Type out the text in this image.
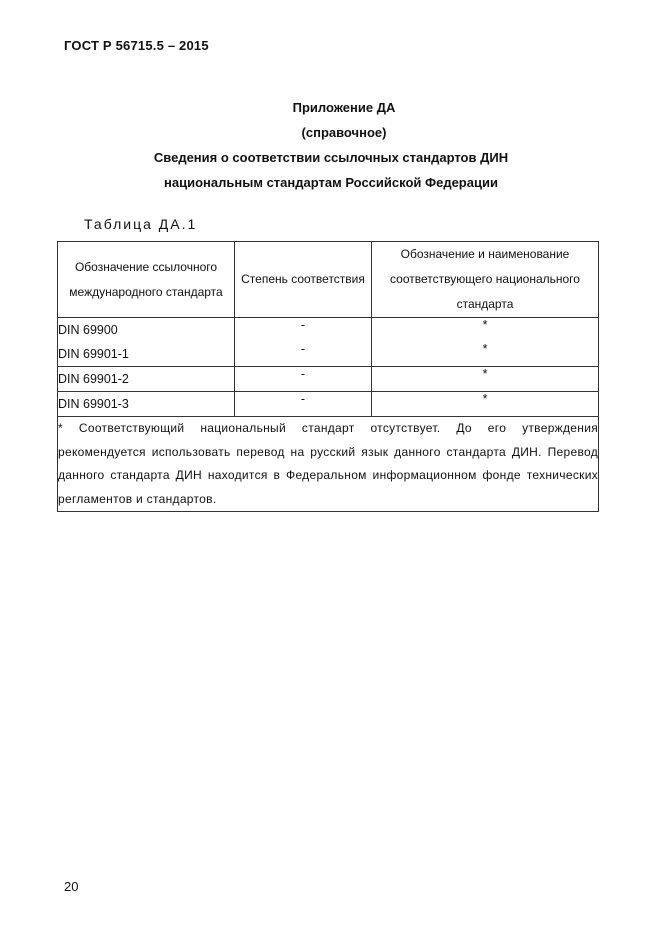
ГОСТ Р 56715.5 – 2015
Приложение ДА
(справочное)
Сведения о соответствии ссылочных стандартов ДИН
национальным стандартам Российской Федерации
Таблица ДА.1
Обозначение ссылочного международного стандарта	Степень соответствия	Обозначение и наименование соответствующего национального стандарта
DIN 69900	-	*
DIN 69901-1	-	*
DIN 69901-2	-	*
DIN 69901-3	-	*
* Соответствующий национальный стандарт отсутствует. До его утверждения рекомендуется использовать перевод на русский язык данного стандарта ДИН. Перевод данного стандарта ДИН находится в Федеральном информационном фонде технических регламентов и стандартов.		
20
